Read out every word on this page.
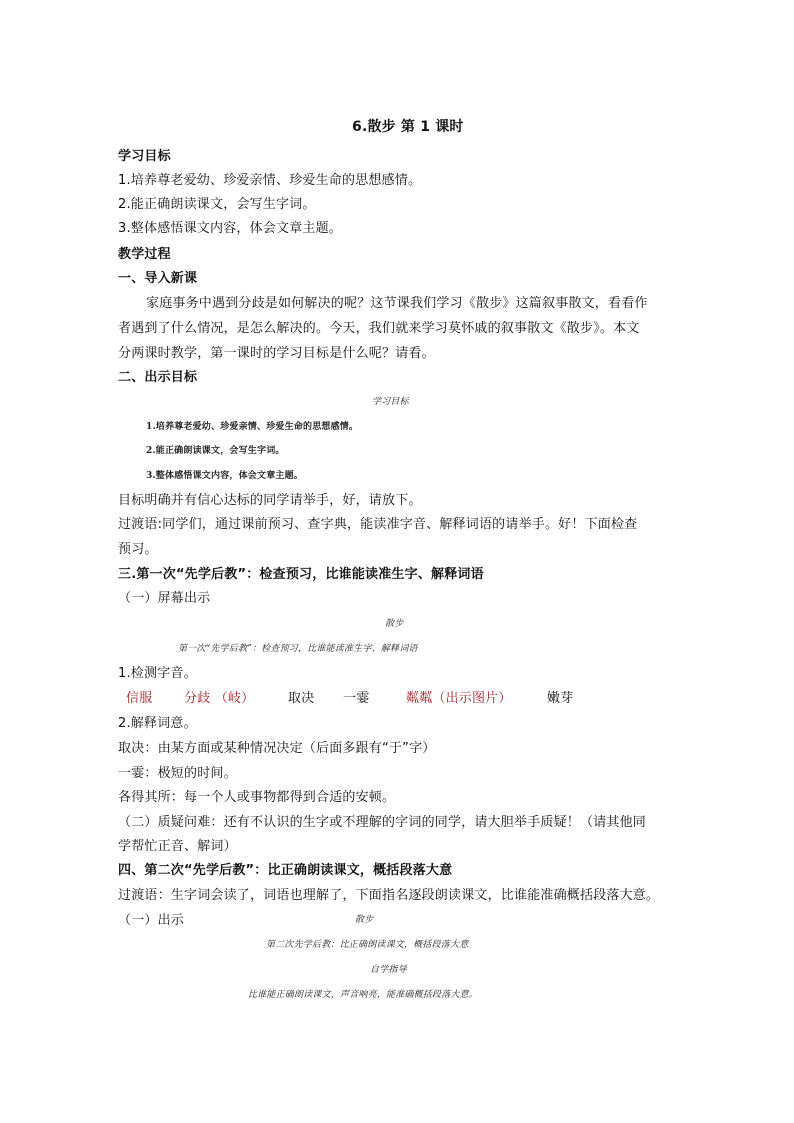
6.散步 第 1 课时
学习目标
1.培养尊老爱幼、珍爱亲情、珍爱生命的思想感情。
2.能正确朗读课文，会写生字词。
3.整体感悟课文内容，体会文章主题。
教学过程
一、导入新课
家庭事务中遇到分歧是如何解决的呢？这节课我们学习《散步》这篇叙事散文，看看作
者遇到了什么情况，是怎么解决的。今天，我们就来学习莫怀戚的叙事散文《散步》。本文
分两课时教学，第一课时的学习目标是什么呢？请看。
二、出示目标
学习目标
1.培养尊老爱幼、珍爱亲情、珍爱生命的思想感情。
2.能正确朗读课文，会写生字词。
3.整体感悟课文内容，体会文章主题。
目标明确并有信心达标的同学请举手，好，请放下。
过渡语:同学们，通过课前预习、查字典，能读准字音、解释词语的请举手。好！下面检查
预习。
三.第一次“先学后教”：检查预习，比谁能读准生字、解释词语
（一）屏幕出示
散步
第一次“先学后教”：检查预习，比谁能读准生字、解释词语
1.检测字音。
信服 分歧 （岐）	取决 一霎	粼粼（出示图片）	嫩芽
2.解释词意。
取决：由某方面或某种情况决定（后面多跟有“于”字）
一霎：极短的时间。
各得其所：每一个人或事物都得到合适的安顿。
（二）质疑问难：还有不认识的生字或不理解的字词的同学，请大胆举手质疑！（请其他同
学帮忙正音、解词）
四、第二次“先学后教”：比正确朗读课文，概括段落大意
过渡语：生字词会读了，词语也理解了，下面指名逐段朗读课文，比谁能准确概括段落大意。
（一）出示	散步
第二次先学后教：比正确朗读课文，概括段落大意
自学指导
比谁能正确朗读课文，声音响亮，能准确概括段落大意。
